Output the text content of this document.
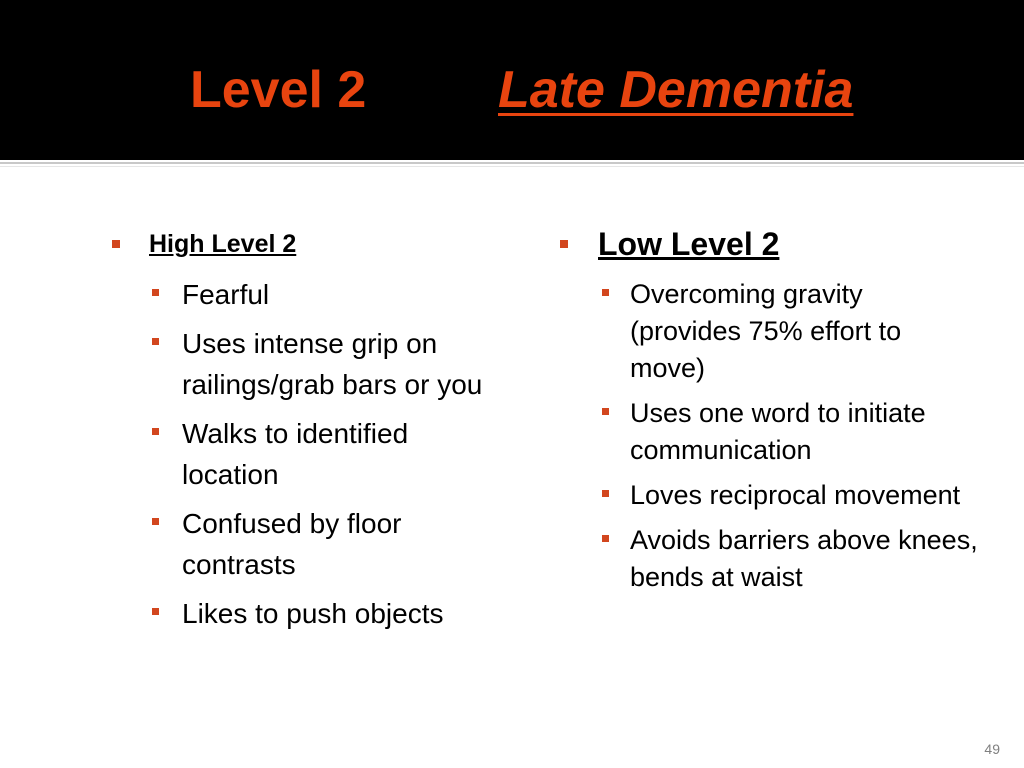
Level 2	Late Dementia
High Level 2
Fearful
Uses intense grip on railings/grab bars or you
Walks to identified location
Confused by floor contrasts
Likes to push objects
Low Level 2
Overcoming gravity (provides 75% effort to move)
Uses one word to initiate communication
Loves reciprocal movement
Avoids barriers above knees, bends at waist
49
